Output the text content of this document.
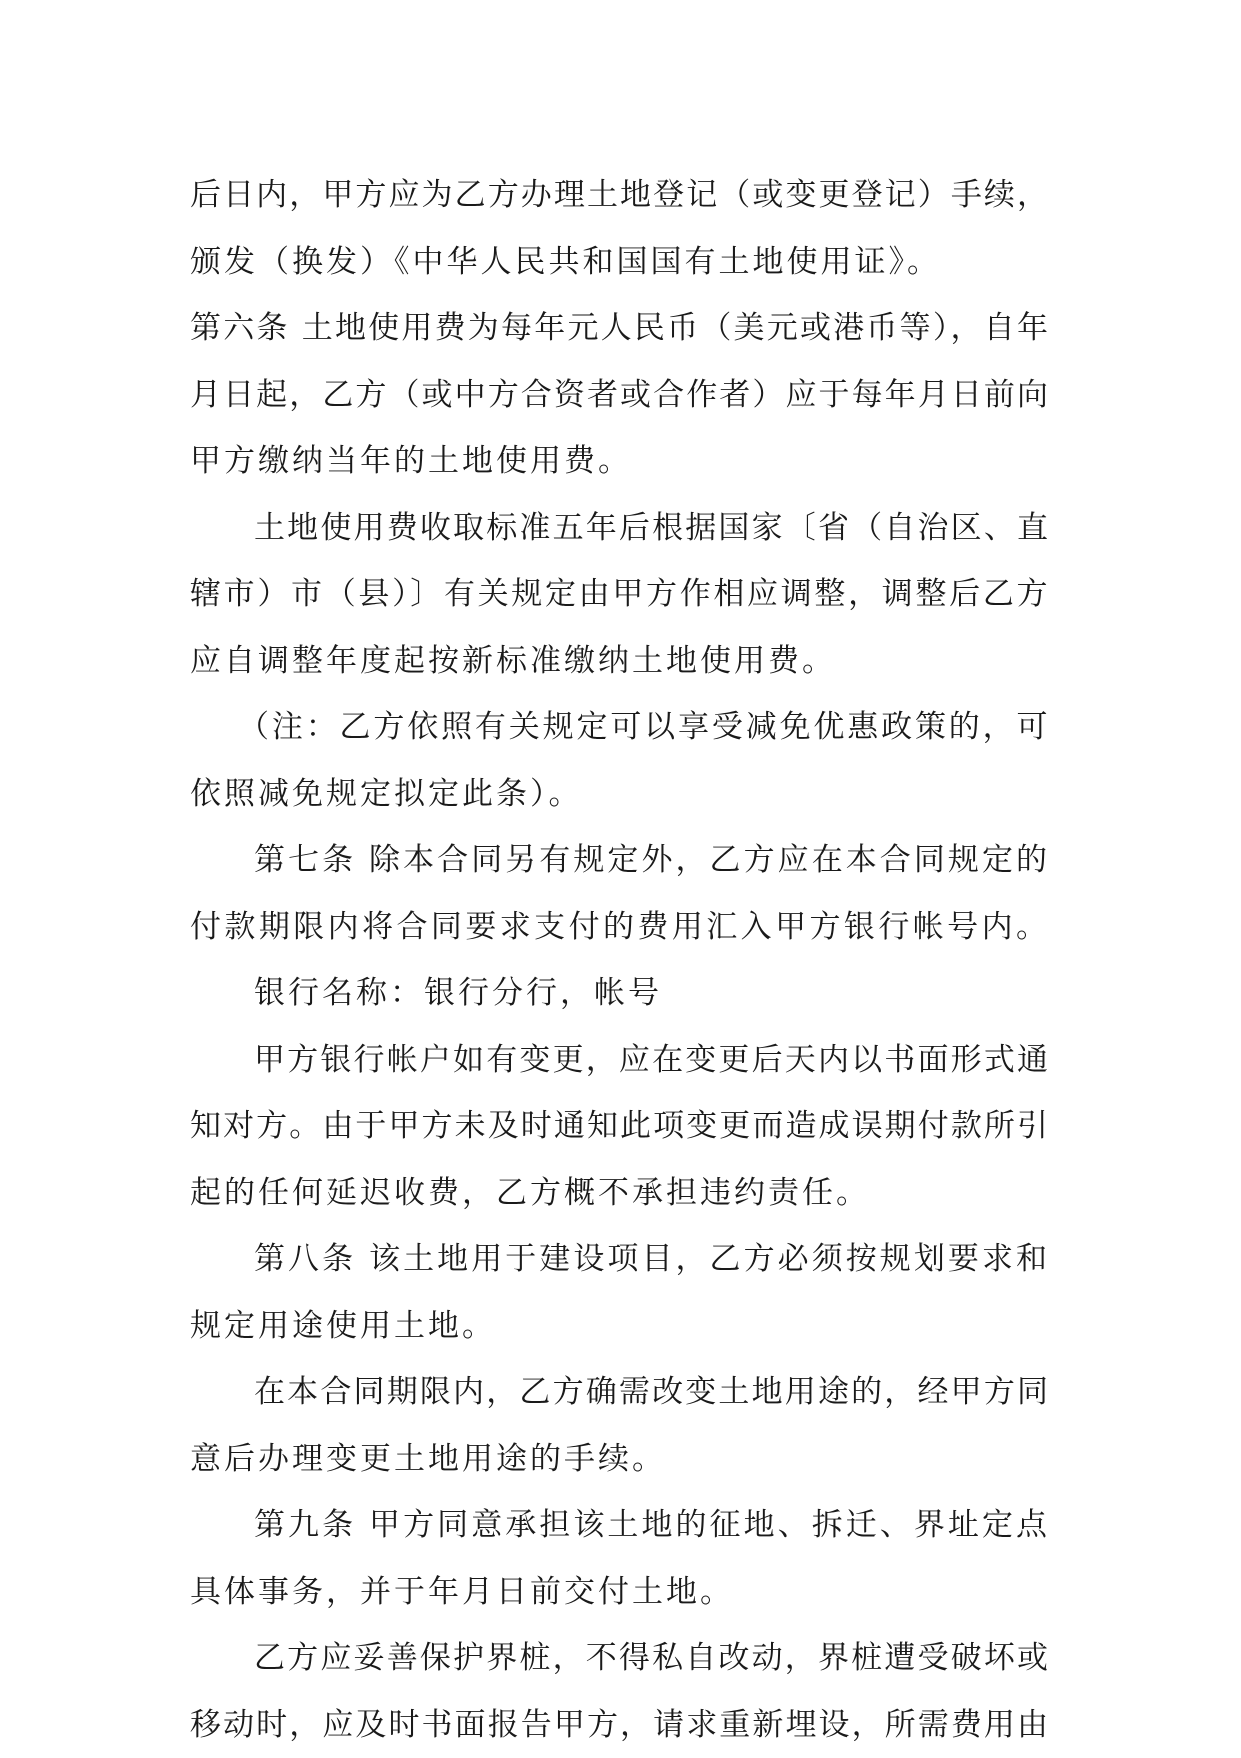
后日内，甲方应为乙方办理土地登记（或变更登记）手续，
颁发（换发）《中华人民共和国国有土地使用证》。
第六条 土地使用费为每年元人民币（美元或港币等），自年
月日起，乙方（或中方合资者或合作者）应于每年月日前向
甲方缴纳当年的土地使用费。
土地使用费收取标准五年后根据国家〔省（自治区、直
辖市）市（县）〕有关规定由甲方作相应调整，调整后乙方
应自调整年度起按新标准缴纳土地使用费。
（注：乙方依照有关规定可以享受减免优惠政策的，可
依照减免规定拟定此条）。
第七条 除本合同另有规定外，乙方应在本合同规定的
付款期限内将合同要求支付的费用汇入甲方银行帐号内。
银行名称：银行分行，帐号
甲方银行帐户如有变更，应在变更后天内以书面形式通
知对方。由于甲方未及时通知此项变更而造成误期付款所引
起的任何延迟收费，乙方概不承担违约责任。
第八条 该土地用于建设项目，乙方必须按规划要求和
规定用途使用土地。
在本合同期限内，乙方确需改变土地用途的，经甲方同
意后办理变更土地用途的手续。
第九条 甲方同意承担该土地的征地、拆迁、界址定点
具体事务，并于年月日前交付土地。
乙方应妥善保护界桩，不得私自改动，界桩遭受破坏或
移动时，应及时书面报告甲方，请求重新埋设，所需费用由
